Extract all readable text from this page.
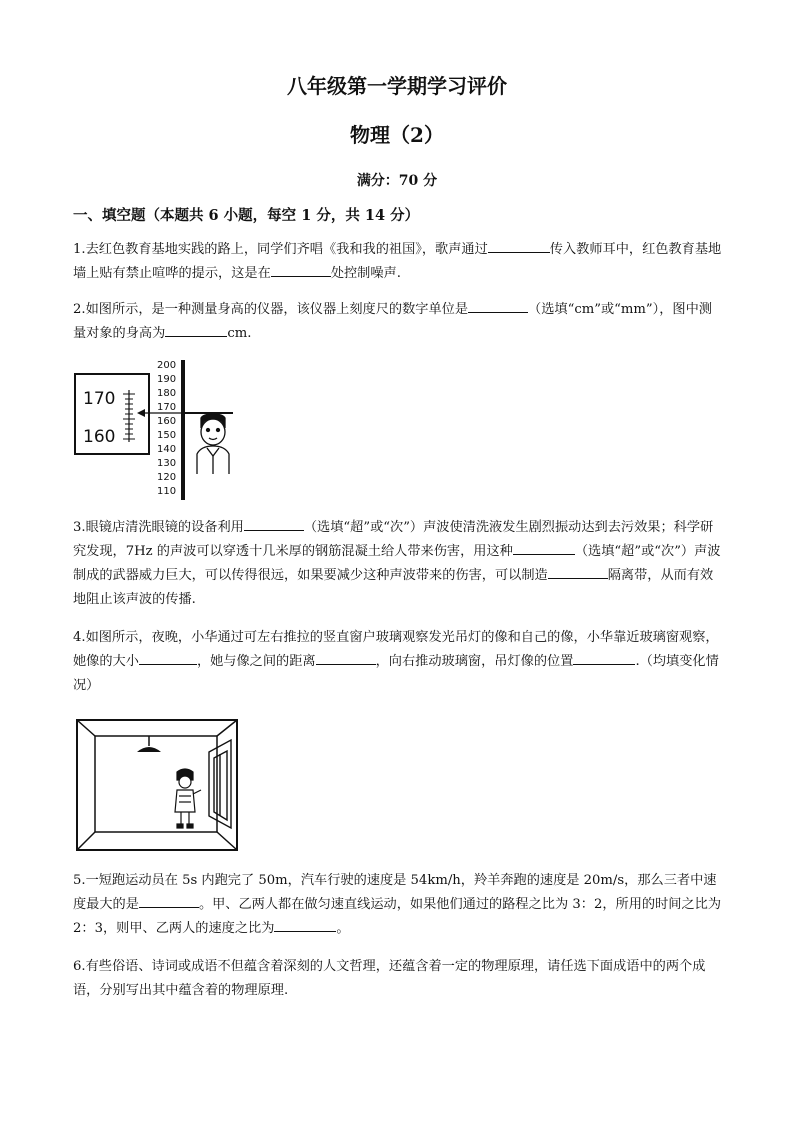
八年级第一学期学习评价
物理（2）
满分：70 分
一、填空题（本题共 6 小题，每空 1 分，共 14 分）
1.去红色教育基地实践的路上，同学们齐唱《我和我的祖国》，歌声通过	传入教师耳中，红色教育基地墙上贴有禁止喧哗的提示，这是在	处控制噪声.
2.如图所示，是一种测量身高的仪器，该仪器上刻度尺的数字单位是	（选填“cm”或“mm”），图中测量对象的身高为	cm.
170
160
200
190
180
170
160
150
140
130
120
110
3.眼镜店清洗眼镜的设备利用	（选填“超”或“次”）声波使清洗液发生剧烈振动达到去污效果；科学研究发现，7Hz 的声波可以穿透十几米厚的钢筋混凝土给人带来伤害，用这种	（选填“超”或“次”）声波制成的武器威力巨大，可以传得很远，如果要减少这种声波带来的伤害，可以制造	隔离带，从而有效地阻止该声波的传播.
4.如图所示，夜晚，小华通过可左右推拉的竖直窗户玻璃观察发光吊灯的像和自己的像，小华靠近玻璃窗观察，她像的大小	，她与像之间的距离	，向右推动玻璃窗，吊灯像的位置	.（均填变化情况）
5.一短跑运动员在 5s 内跑完了 50m，汽车行驶的速度是 54km/h，羚羊奔跑的速度是 20m/s，那么三者中速度最大的是	。甲、乙两人都在做匀速直线运动，如果他们通过的路程之比为 3：2，所用的时间之比为 2：3，则甲、乙两人的速度之比为	。
6.有些俗语、诗词或成语不但蕴含着深刻的人文哲理，还蕴含着一定的物理原理，请任选下面成语中的两个成语，分别写出其中蕴含着的物理原理.
